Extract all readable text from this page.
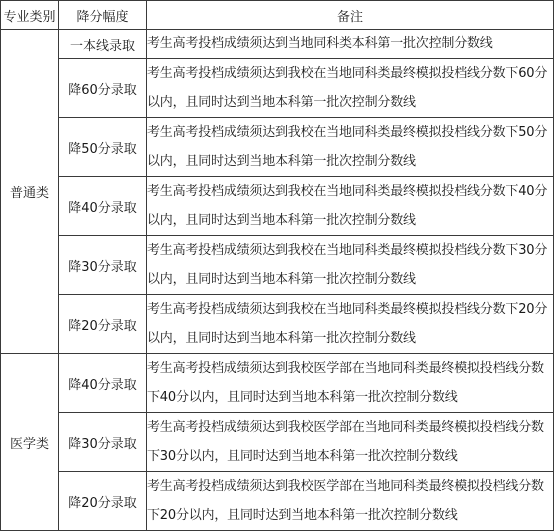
专业类别	降分幅度	备注
普通类	一本线录取	考生高考投档成绩须达到当地同科类本科第一批次控制分数线
	降60分录取	考生高考投档成绩须达到我校在当地同科类最终模拟投档线分数下60分以内，且同时达到当地本科第一批次控制分数线
	降50分录取	考生高考投档成绩须达到我校在当地同科类最终模拟投档线分数下50分以内，且同时达到当地本科第一批次控制分数线
	降40分录取	考生高考投档成绩须达到我校在当地同科类最终模拟投档线分数下40分以内，且同时达到当地本科第一批次控制分数线
	降30分录取	考生高考投档成绩须达到我校在当地同科类最终模拟投档线分数下30分以内，且同时达到当地本科第一批次控制分数线
	降20分录取	考生高考投档成绩须达到我校在当地同科类最终模拟投档线分数下20分以内，且同时达到当地本科第一批次控制分数线
医学类	降40分录取	考生高考投档成绩须达到我校医学部在当地同科类最终模拟投档线分数下40分以内，且同时达到当地本科第一批次控制分数线
	降30分录取	考生高考投档成绩须达到我校医学部在当地同科类最终模拟投档线分数下30分以内，且同时达到当地本科第一批次控制分数线
	降20分录取	考生高考投档成绩须达到我校医学部在当地同科类最终模拟投档线分数下20分以内，且同时达到当地本科第一批次控制分数线
